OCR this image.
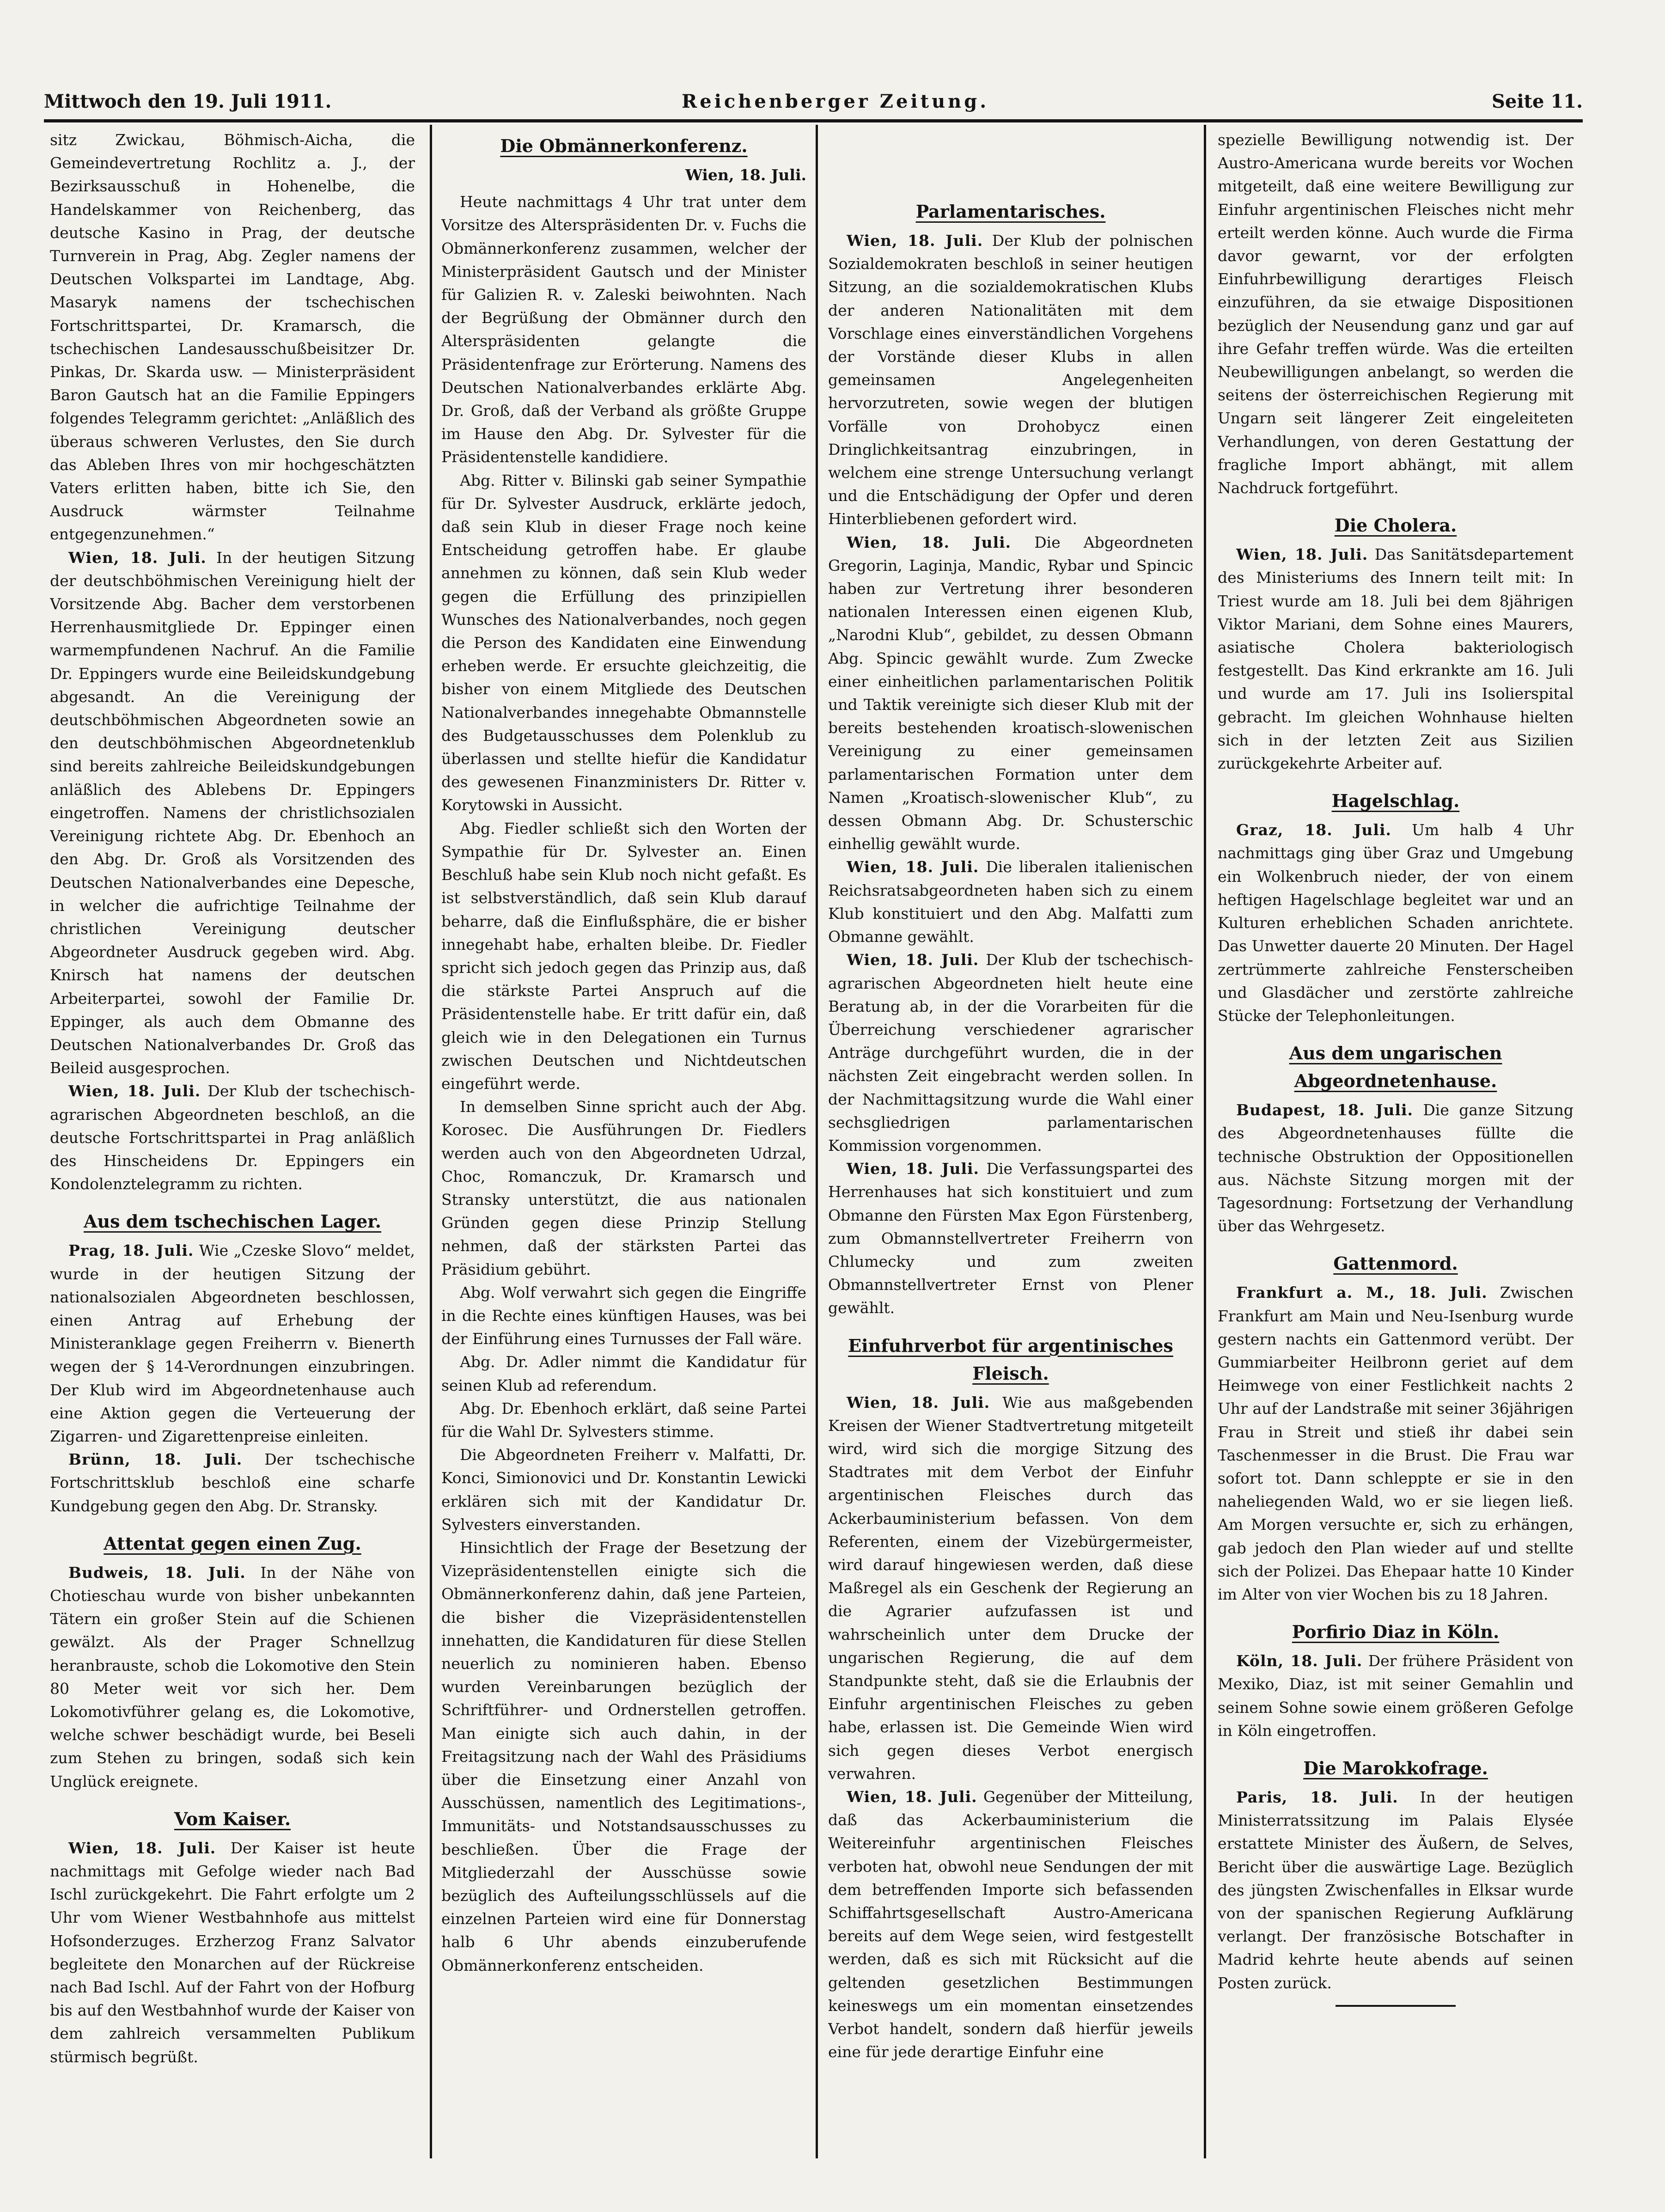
Mittwoch den 19. Juli 1911.	Reichenberger Zeitung.	Seite 11.

sitz Zwickau, Böhmisch-Aicha, die Gemeindevertretung Rochlitz a. J., der Bezirksausschuß in Hohenelbe, die Handelskammer von Reichenberg, das deutsche Kasino in Prag, der deutsche Turnverein in Prag, Abg. Zegler namens der Deutschen Volkspartei im Landtage, Abg. Masaryk namens der tschechischen Fortschrittspartei, Dr. Kramarsch, die tschechischen Landesausschußbeisitzer Dr. Pinkas, Dr. Skarda usw. — Ministerpräsident Baron Gautsch hat an die Familie Eppingers folgendes Telegramm gerichtet: „Anläßlich des überaus schweren Verlustes, den Sie durch das Ableben Ihres von mir hochgeschätzten Vaters erlitten haben, bitte ich Sie, den Ausdruck wärmster Teilnahme entgegenzunehmen.“

Wien, 18. Juli. In der heutigen Sitzung der deutschböhmischen Vereinigung hielt der Vorsitzende Abg. Bacher dem verstorbenen Herrenhausmitgliede Dr. Eppinger einen warmempfundenen Nachruf. An die Familie Dr. Eppingers wurde eine Beileidskundgebung abgesandt. An die Vereinigung der deutschböhmischen Abgeordneten sowie an den deutschböhmischen Abgeordnetenklub sind bereits zahlreiche Beileidskundgebungen anläßlich des Ablebens Dr. Eppingers eingetroffen. Namens der christlichsozialen Vereinigung richtete Abg. Dr. Ebenhoch an den Abg. Dr. Groß als Vorsitzenden des Deutschen Nationalverbandes eine Depesche, in welcher die aufrichtige Teilnahme der christlichen Vereinigung deutscher Abgeordneter Ausdruck gegeben wird. Abg. Knirsch hat namens der deutschen Arbeiterpartei, sowohl der Familie Dr. Eppinger, als auch dem Obmanne des Deutschen Nationalverbandes Dr. Groß das Beileid ausgesprochen.

Wien, 18. Juli. Der Klub der tschechisch-agrarischen Abgeordneten beschloß, an die deutsche Fortschrittspartei in Prag anläßlich des Hinscheidens Dr. Eppingers ein Kondolenztelegramm zu richten.

Aus dem tschechischen Lager.

Prag, 18. Juli. Wie „Czeske Slovo“ meldet, wurde in der heutigen Sitzung der nationalsozialen Abgeordneten beschlossen, einen Antrag auf Erhebung der Ministeranklage gegen Freiherrn v. Bienerth wegen der § 14-Verordnungen einzubringen. Der Klub wird im Abgeordnetenhause auch eine Aktion gegen die Verteuerung der Zigarren- und Zigarettenpreise einleiten.

Brünn, 18. Juli. Der tschechische Fortschrittsklub beschloß eine scharfe Kundgebung gegen den Abg. Dr. Stransky.

Attentat gegen einen Zug.

Budweis, 18. Juli. In der Nähe von Chotieschau wurde von bisher unbekannten Tätern ein großer Stein auf die Schienen gewälzt. Als der Prager Schnellzug heranbrauste, schob die Lokomotive den Stein 80 Meter weit vor sich her. Dem Lokomotivführer gelang es, die Lokomotive, welche schwer beschädigt wurde, bei Beseli zum Stehen zu bringen, sodaß sich kein Unglück ereignete.

Vom Kaiser.

Wien, 18. Juli. Der Kaiser ist heute nachmittags mit Gefolge wieder nach Bad Ischl zurückgekehrt. Die Fahrt erfolgte um 2 Uhr vom Wiener Westbahnhofe aus mittelst Hofsonderzuges. Erzherzog Franz Salvator begleitete den Monarchen auf der Rückreise nach Bad Ischl. Auf der Fahrt von der Hofburg bis auf den Westbahnhof wurde der Kaiser von dem zahlreich versammelten Publikum stürmisch begrüßt.

Die Obmännerkonferenz.
Wien, 18. Juli.

Heute nachmittags 4 Uhr trat unter dem Vorsitze des Alterspräsidenten Dr. v. Fuchs die Obmännerkonferenz zusammen, welcher der Ministerpräsident Gautsch und der Minister für Galizien R. v. Zaleski beiwohnten. Nach der Begrüßung der Obmänner durch den Alterspräsidenten gelangte die Präsidentenfrage zur Erörterung. Namens des Deutschen Nationalverbandes erklärte Abg. Dr. Groß, daß der Verband als größte Gruppe im Hause den Abg. Dr. Sylvester für die Präsidentenstelle kandidiere.

Abg. Ritter v. Bilinski gab seiner Sympathie für Dr. Sylvester Ausdruck, erklärte jedoch, daß sein Klub in dieser Frage noch keine Entscheidung getroffen habe. Er glaube annehmen zu können, daß sein Klub weder gegen die Erfüllung des prinzipiellen Wunsches des Nationalverbandes, noch gegen die Person des Kandidaten eine Einwendung erheben werde. Er ersuchte gleichzeitig, die bisher von einem Mitgliede des Deutschen Nationalverbandes innegehabte Obmannstelle des Budgetausschusses dem Polenklub zu überlassen und stellte hiefür die Kandidatur des gewesenen Finanzministers Dr. Ritter v. Korytowski in Aussicht.

Abg. Fiedler schließt sich den Worten der Sympathie für Dr. Sylvester an. Einen Beschluß habe sein Klub noch nicht gefaßt. Es ist selbstverständlich, daß sein Klub darauf beharre, daß die Einflußsphäre, die er bisher innegehabt habe, erhalten bleibe. Dr. Fiedler spricht sich jedoch gegen das Prinzip aus, daß die stärkste Partei Anspruch auf die Präsidentenstelle habe. Er tritt dafür ein, daß gleich wie in den Delegationen ein Turnus zwischen Deutschen und Nichtdeutschen eingeführt werde.

In demselben Sinne spricht auch der Abg. Korosec. Die Ausführungen Dr. Fiedlers werden auch von den Abgeordneten Udrzal, Choc, Romanczuk, Dr. Kramarsch und Stransky unterstützt, die aus nationalen Gründen gegen diese Prinzip Stellung nehmen, daß der stärksten Partei das Präsidium gebührt.

Abg. Wolf verwahrt sich gegen die Eingriffe in die Rechte eines künftigen Hauses, was bei der Einführung eines Turnusses der Fall wäre.

Abg. Dr. Adler nimmt die Kandidatur für seinen Klub ad referendum.

Abg. Dr. Ebenhoch erklärt, daß seine Partei für die Wahl Dr. Sylvesters stimme.

Die Abgeordneten Freiherr v. Malfatti, Dr. Konci, Simionovici und Dr. Konstantin Lewicki erklären sich mit der Kandidatur Dr. Sylvesters einverstanden.

Hinsichtlich der Frage der Besetzung der Vizepräsidentenstellen einigte sich die Obmännerkonferenz dahin, daß jene Parteien, die bisher die Vizepräsidentenstellen innehatten, die Kandidaturen für diese Stellen neuerlich zu nominieren haben. Ebenso wurden Vereinbarungen bezüglich der Schriftführer- und Ordnerstellen getroffen. Man einigte sich auch dahin, in der Freitagsitzung nach der Wahl des Präsidiums über die Einsetzung einer Anzahl von Ausschüssen, namentlich des Legitimations-, Immunitäts- und Notstandsausschusses zu beschließen. Über die Frage der Mitgliederzahl der Ausschüsse sowie bezüglich des Aufteilungsschlüssels auf die einzelnen Parteien wird eine für Donnerstag halb 6 Uhr abends einzuberufende Obmännerkonferenz entscheiden.

Parlamentarisches.

Wien, 18. Juli. Der Klub der polnischen Sozialdemokraten beschloß in seiner heutigen Sitzung, an die sozialdemokratischen Klubs der anderen Nationalitäten mit dem Vorschlage eines einverständlichen Vorgehens der Vorstände dieser Klubs in allen gemeinsamen Angelegenheiten hervorzutreten, sowie wegen der blutigen Vorfälle von Drohobycz einen Dringlichkeitsantrag einzubringen, in welchem eine strenge Untersuchung verlangt und die Entschädigung der Opfer und deren Hinterbliebenen gefordert wird.

Wien, 18. Juli. Die Abgeordneten Gregorin, Laginja, Mandic, Rybar und Spincic haben zur Vertretung ihrer besonderen nationalen Interessen einen eigenen Klub, „Narodni Klub“, gebildet, zu dessen Obmann Abg. Spincic gewählt wurde. Zum Zwecke einer einheitlichen parlamentarischen Politik und Taktik vereinigte sich dieser Klub mit der bereits bestehenden kroatisch-slowenischen Vereinigung zu einer gemeinsamen parlamentarischen Formation unter dem Namen „Kroatisch-slowenischer Klub“, zu dessen Obmann Abg. Dr. Schusterschic einhellig gewählt wurde.

Wien, 18. Juli. Die liberalen italienischen Reichsratsabgeordneten haben sich zu einem Klub konstituiert und den Abg. Malfatti zum Obmanne gewählt.

Wien, 18. Juli. Der Klub der tschechisch-agrarischen Abgeordneten hielt heute eine Beratung ab, in der die Vorarbeiten für die Überreichung verschiedener agrarischer Anträge durchgeführt wurden, die in der nächsten Zeit eingebracht werden sollen. In der Nachmittagsitzung wurde die Wahl einer sechsgliedrigen parlamentarischen Kommission vorgenommen.

Wien, 18. Juli. Die Verfassungspartei des Herrenhauses hat sich konstituiert und zum Obmanne den Fürsten Max Egon Fürstenberg, zum Obmannstellvertreter Freiherrn von Chlumecky und zum zweiten Obmannstellvertreter Ernst von Plener gewählt.

Einfuhrverbot für argentinisches Fleisch.

Wien, 18. Juli. Wie aus maßgebenden Kreisen der Wiener Stadtvertretung mitgeteilt wird, wird sich die morgige Sitzung des Stadtrates mit dem Verbot der Einfuhr argentinischen Fleisches durch das Ackerbauministerium befassen. Von dem Referenten, einem der Vizebürgermeister, wird darauf hingewiesen werden, daß diese Maßregel als ein Geschenk der Regierung an die Agrarier aufzufassen ist und wahrscheinlich unter dem Drucke der ungarischen Regierung, die auf dem Standpunkte steht, daß sie die Erlaubnis der Einfuhr argentinischen Fleisches zu geben habe, erlassen ist. Die Gemeinde Wien wird sich gegen dieses Verbot energisch verwahren.

Wien, 18. Juli. Gegenüber der Mitteilung, daß das Ackerbauministerium die Weitereinfuhr argentinischen Fleisches verboten hat, obwohl neue Sendungen der mit dem betreffenden Importe sich befassenden Schiffahrtsgesellschaft Austro-Americana bereits auf dem Wege seien, wird festgestellt werden, daß es sich mit Rücksicht auf die geltenden gesetzlichen Bestimmungen keineswegs um ein momentan einsetzendes Verbot handelt, sondern daß hierfür jeweils eine für jede derartige Einfuhr eine

spezielle Bewilligung notwendig ist. Der Austro-Americana wurde bereits vor Wochen mitgeteilt, daß eine weitere Bewilligung zur Einfuhr argentinischen Fleisches nicht mehr erteilt werden könne. Auch wurde die Firma davor gewarnt, vor der erfolgten Einfuhrbewilligung derartiges Fleisch einzuführen, da sie etwaige Dispositionen bezüglich der Neusendung ganz und gar auf ihre Gefahr treffen würde. Was die erteilten Neubewilligungen anbelangt, so werden die seitens der österreichischen Regierung mit Ungarn seit längerer Zeit eingeleiteten Verhandlungen, von deren Gestattung der fragliche Import abhängt, mit allem Nachdruck fortgeführt.

Die Cholera.

Wien, 18. Juli. Das Sanitätsdepartement des Ministeriums des Innern teilt mit: In Triest wurde am 18. Juli bei dem 8jährigen Viktor Mariani, dem Sohne eines Maurers, asiatische Cholera bakteriologisch festgestellt. Das Kind erkrankte am 16. Juli und wurde am 17. Juli ins Isolierspital gebracht. Im gleichen Wohnhause hielten sich in der letzten Zeit aus Sizilien zurückgekehrte Arbeiter auf.

Hagelschlag.

Graz, 18. Juli. Um halb 4 Uhr nachmittags ging über Graz und Umgebung ein Wolkenbruch nieder, der von einem heftigen Hagelschlage begleitet war und an Kulturen erheblichen Schaden anrichtete. Das Unwetter dauerte 20 Minuten. Der Hagel zertrümmerte zahlreiche Fensterscheiben und Glasdächer und zerstörte zahlreiche Stücke der Telephonleitungen.

Aus dem ungarischen Abgeordnetenhause.

Budapest, 18. Juli. Die ganze Sitzung des Abgeordnetenhauses füllte die technische Obstruktion der Oppositionellen aus. Nächste Sitzung morgen mit der Tagesordnung: Fortsetzung der Verhandlung über das Wehrgesetz.

Gattenmord.

Frankfurt a. M., 18. Juli. Zwischen Frankfurt am Main und Neu-Isenburg wurde gestern nachts ein Gattenmord verübt. Der Gummiarbeiter Heilbronn geriet auf dem Heimwege von einer Festlichkeit nachts 2 Uhr auf der Landstraße mit seiner 36jährigen Frau in Streit und stieß ihr dabei sein Taschenmesser in die Brust. Die Frau war sofort tot. Dann schleppte er sie in den naheliegenden Wald, wo er sie liegen ließ. Am Morgen versuchte er, sich zu erhängen, gab jedoch den Plan wieder auf und stellte sich der Polizei. Das Ehepaar hatte 10 Kinder im Alter von vier Wochen bis zu 18 Jahren.

Porfirio Diaz in Köln.

Köln, 18. Juli. Der frühere Präsident von Mexiko, Diaz, ist mit seiner Gemahlin und seinem Sohne sowie einem größeren Gefolge in Köln eingetroffen.

Die Marokkofrage.

Paris, 18. Juli. In der heutigen Ministerratssitzung im Palais Elysée erstattete Minister des Äußern, de Selves, Bericht über die auswärtige Lage. Bezüglich des jüngsten Zwischenfalles in Elksar wurde von der spanischen Regierung Aufklärung verlangt. Der französische Botschafter in Madrid kehrte heute abends auf seinen Posten zurück.
